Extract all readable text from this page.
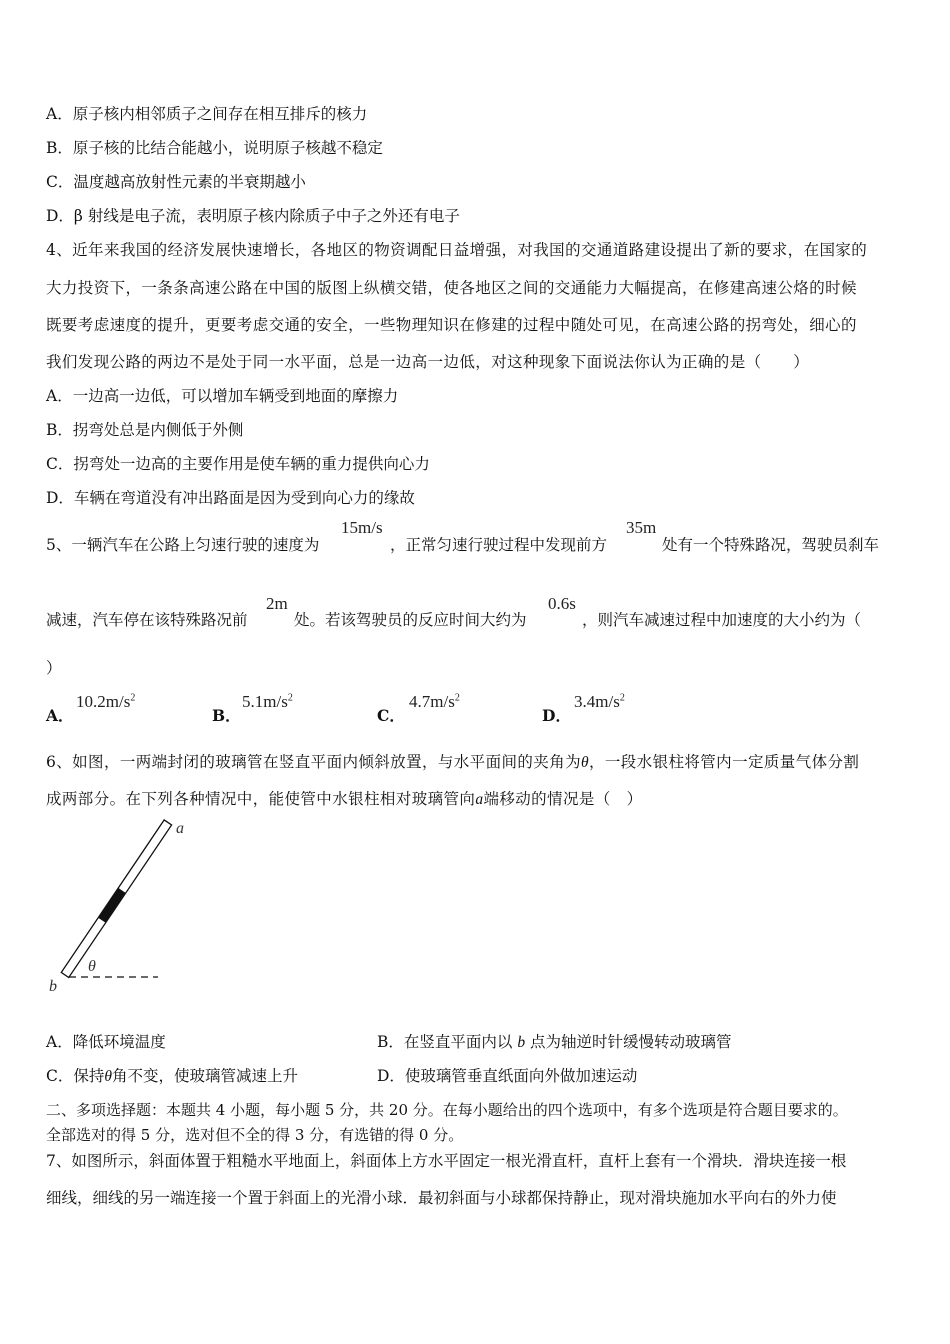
A．原子核内相邻质子之间存在相互排斥的核力
B．原子核的比结合能越小，说明原子核越不稳定
C．温度越高放射性元素的半衰期越小
D．β 射线是电子流，表明原子核内除质子中子之外还有电子
4、近年来我国的经济发展快速增长，各地区的物资调配日益增强，对我国的交通道路建设提出了新的要求，在国家的
大力投资下，一条条高速公路在中国的版图上纵横交错，使各地区之间的交通能力大幅提高，在修建高速公烙的时候
既要考虑速度的提升，更要考虑交通的安全，一些物理知识在修建的过程中随处可见，在高速公路的拐弯处，细心的
我们发现公路的两边不是处于同一水平面，总是一边高一边低，对这种现象下面说法你认为正确的是（　　）
A．一边高一边低，可以增加车辆受到地面的摩擦力
B．拐弯处总是内侧低于外侧
C．拐弯处一边高的主要作用是使车辆的重力提供向心力
D．车辆在弯道没有冲出路面是因为受到向心力的缘故
5、一辆汽车在公路上匀速行驶的速度为
15m/s
，正常匀速行驶过程中发现前方
35m
处有一个特殊路况，驾驶员刹车
减速，汽车停在该特殊路况前
2m
处。若该驾驶员的反应时间大约为
0.6s
，则汽车减速过程中加速度的大小约为（
）
A．
$10.2m/s^2$
B．
$5.1m/s^2$
C．
$4.7m/s^2$
D．
$3.4m/s^2$
6、如图，一两端封闭的玻璃管在竖直平面内倾斜放置，与水平面间的夹角为θ，一段水银柱将管内一定质量气体分割
成两部分。在下列各种情况中，能使管中水银柱相对玻璃管向a端移动的情况是（　）
a
b
θ
A．降低环境温度	B．在竖直平面内以 b 点为轴逆时针缓慢转动玻璃管
C．保持θ角不变，使玻璃管减速上升	D．使玻璃管垂直纸面向外做加速运动
二、多项选择题：本题共 4 小题，每小题 5 分，共 20 分。在每小题给出的四个选项中，有多个选项是符合题目要求的。
全部选对的得 5 分，选对但不全的得 3 分，有选错的得 0 分。
7、如图所示，斜面体置于粗糙水平地面上，斜面体上方水平固定一根光滑直杆，直杆上套有一个滑块．滑块连接一根
细线，细线的另一端连接一个置于斜面上的光滑小球．最初斜面与小球都保持静止，现对滑块施加水平向右的外力使
